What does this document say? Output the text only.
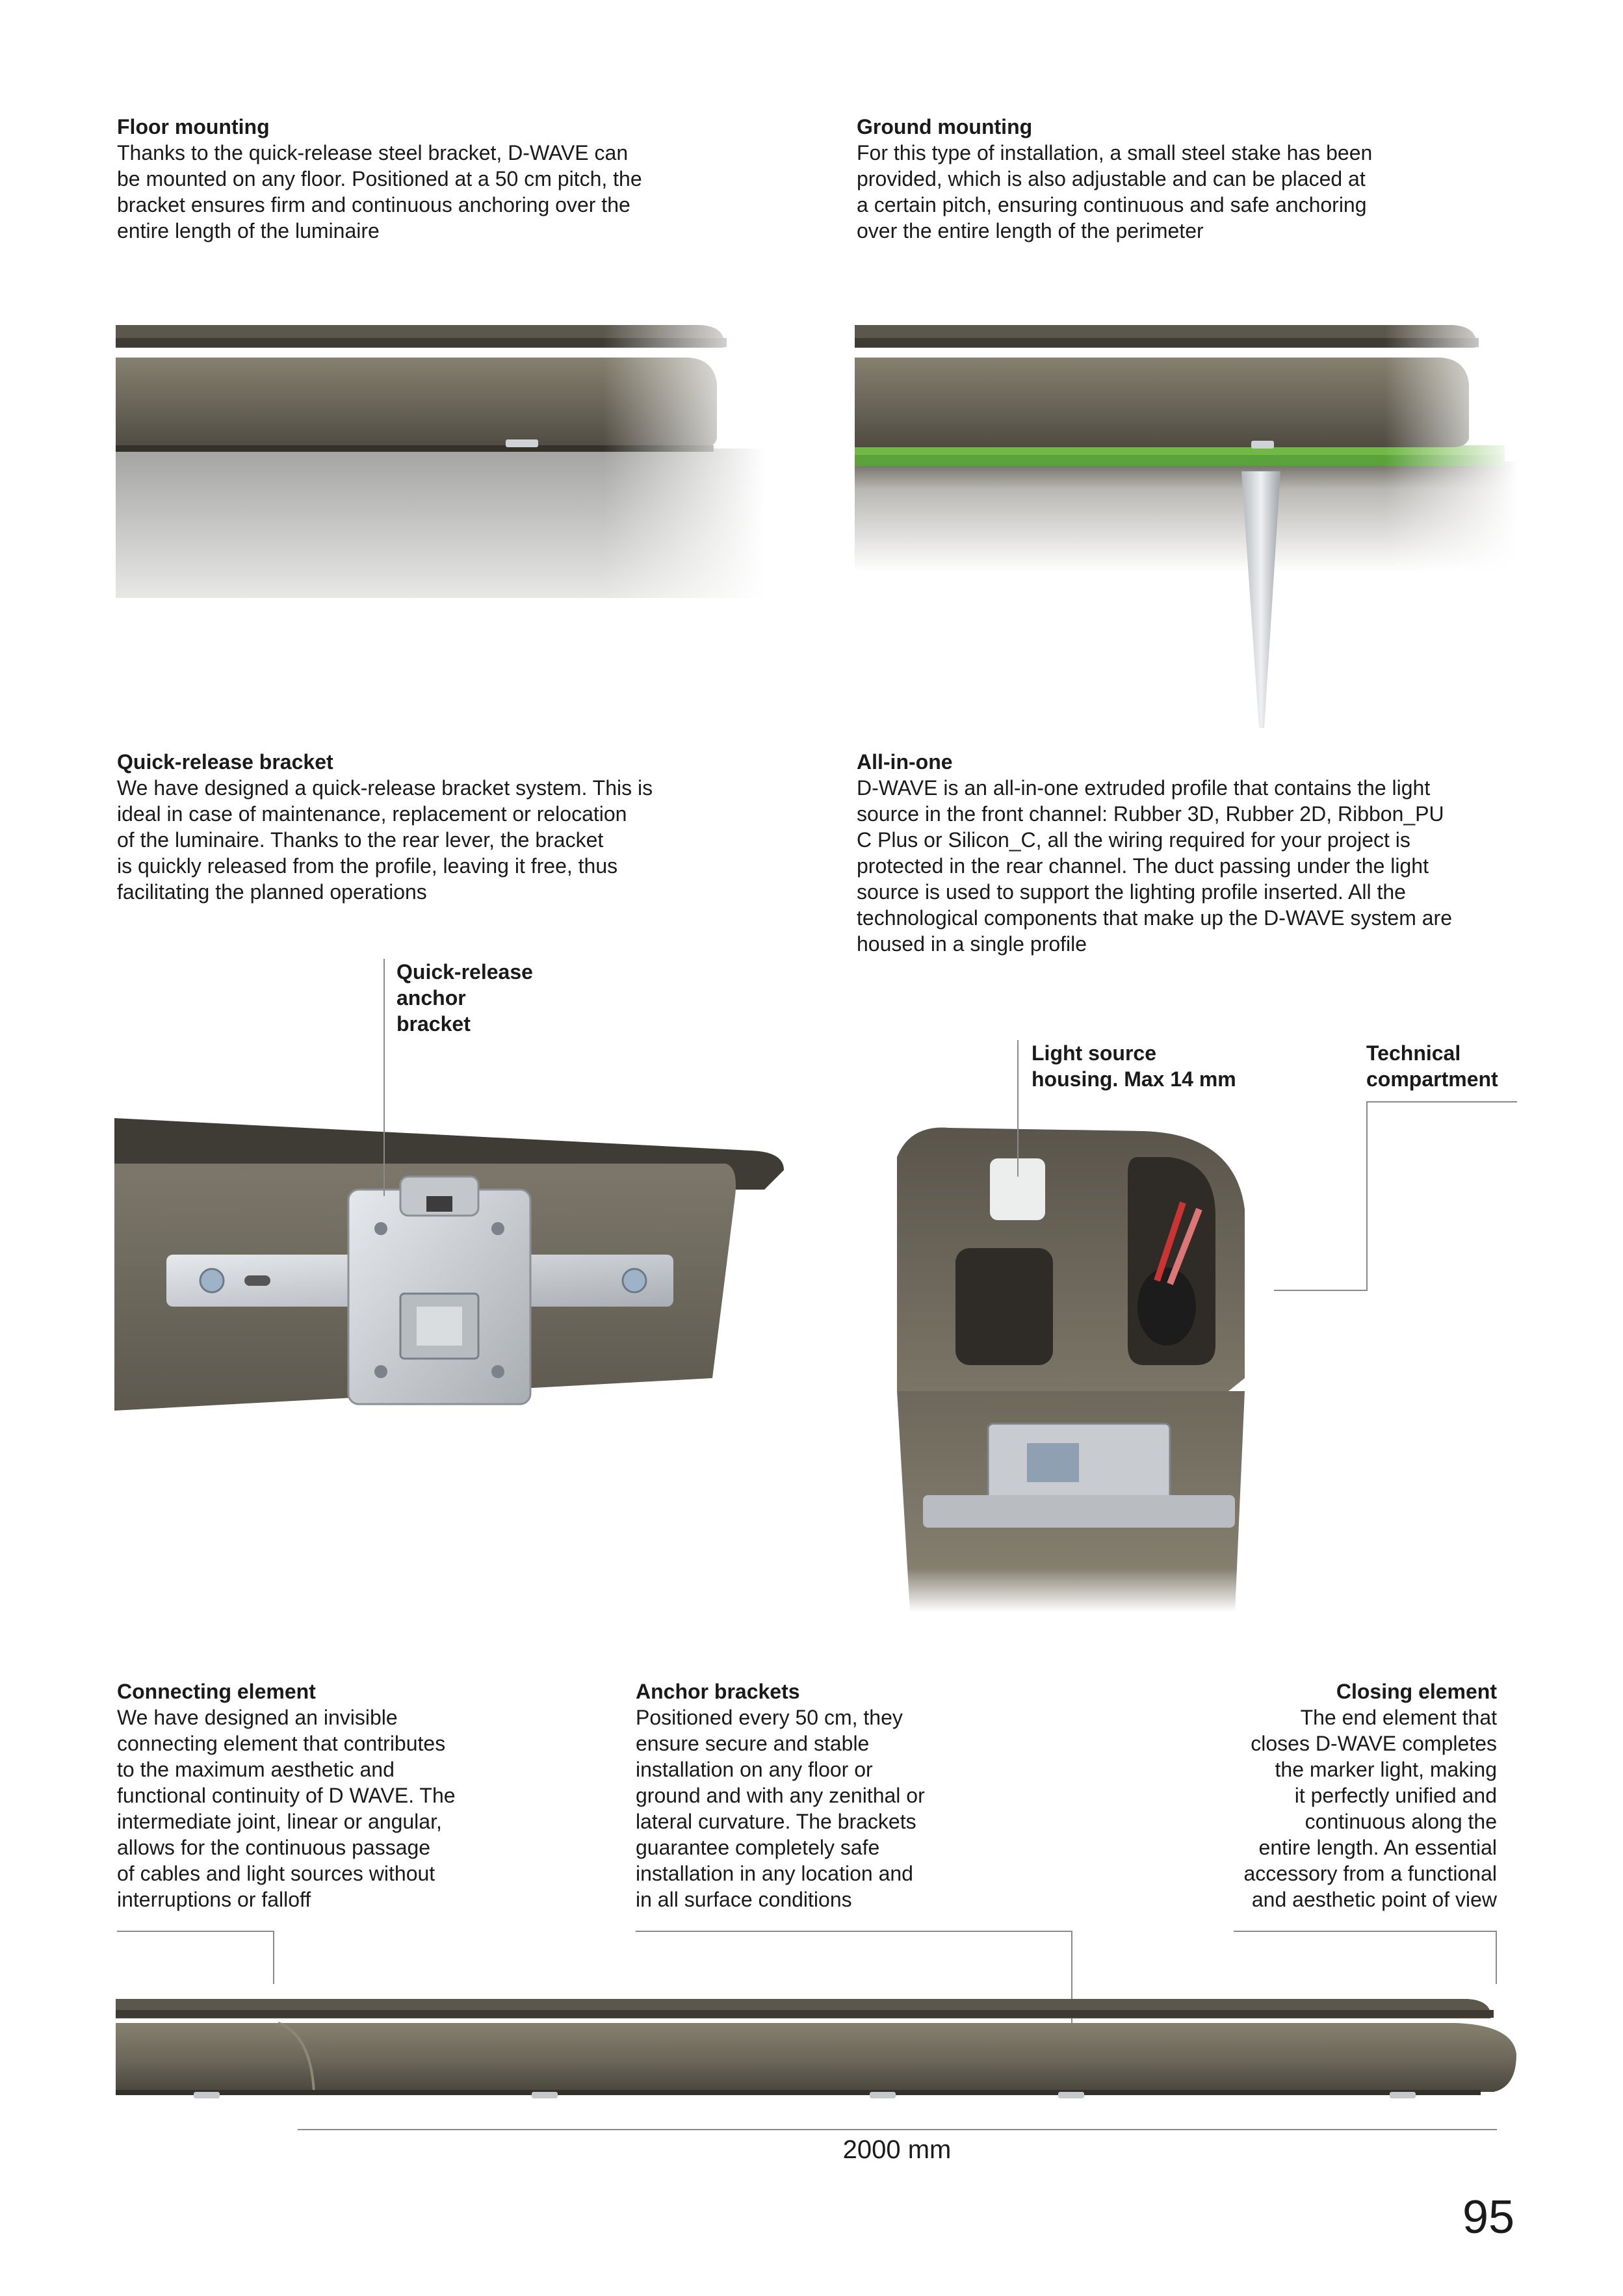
Floor mounting
Thanks to the quick-release steel bracket, D-WAVE can
be mounted on any floor. Positioned at a 50 cm pitch, the
bracket ensures firm and continuous anchoring over the
entire length of the luminaire
Ground mounting
For this type of installation, a small steel stake has been
provided, which is also adjustable and can be placed at
a certain pitch, ensuring continuous and safe anchoring
over the entire length of the perimeter
Quick-release bracket
We have designed a quick-release bracket system. This is
ideal in case of maintenance, replacement or relocation
of the luminaire. Thanks to the rear lever, the bracket
is quickly released from the profile, leaving it free, thus
facilitating the planned operations
All-in-one
D-WAVE is an all-in-one extruded profile that contains the light
source in the front channel: Rubber 3D, Rubber 2D, Ribbon_PU
C Plus or Silicon_C, all the wiring required for your project is
protected in the rear channel. The duct passing under the light
source is used to support the lighting profile inserted. All the
technological components that make up the D-WAVE system are
housed in a single profile
Quick-release
anchor
bracket
Light source
housing. Max 14 mm
Technical
compartment
Connecting element
We have designed an invisible
connecting element that contributes
to the maximum aesthetic and
functional continuity of D WAVE. The
intermediate joint, linear or angular,
allows for the continuous passage
of cables and light sources without
interruptions or falloff
Anchor brackets
Positioned every 50 cm, they
ensure secure and stable
installation on any floor or
ground and with any zenithal or
lateral curvature. The brackets
guarantee completely safe
installation in any location and
in all surface conditions
Closing element
The end element that
closes D-WAVE completes
the marker light, making
it perfectly unified and
continuous along the
entire length. An essential
accessory from a functional
and aesthetic point of view
2000 mm
95
